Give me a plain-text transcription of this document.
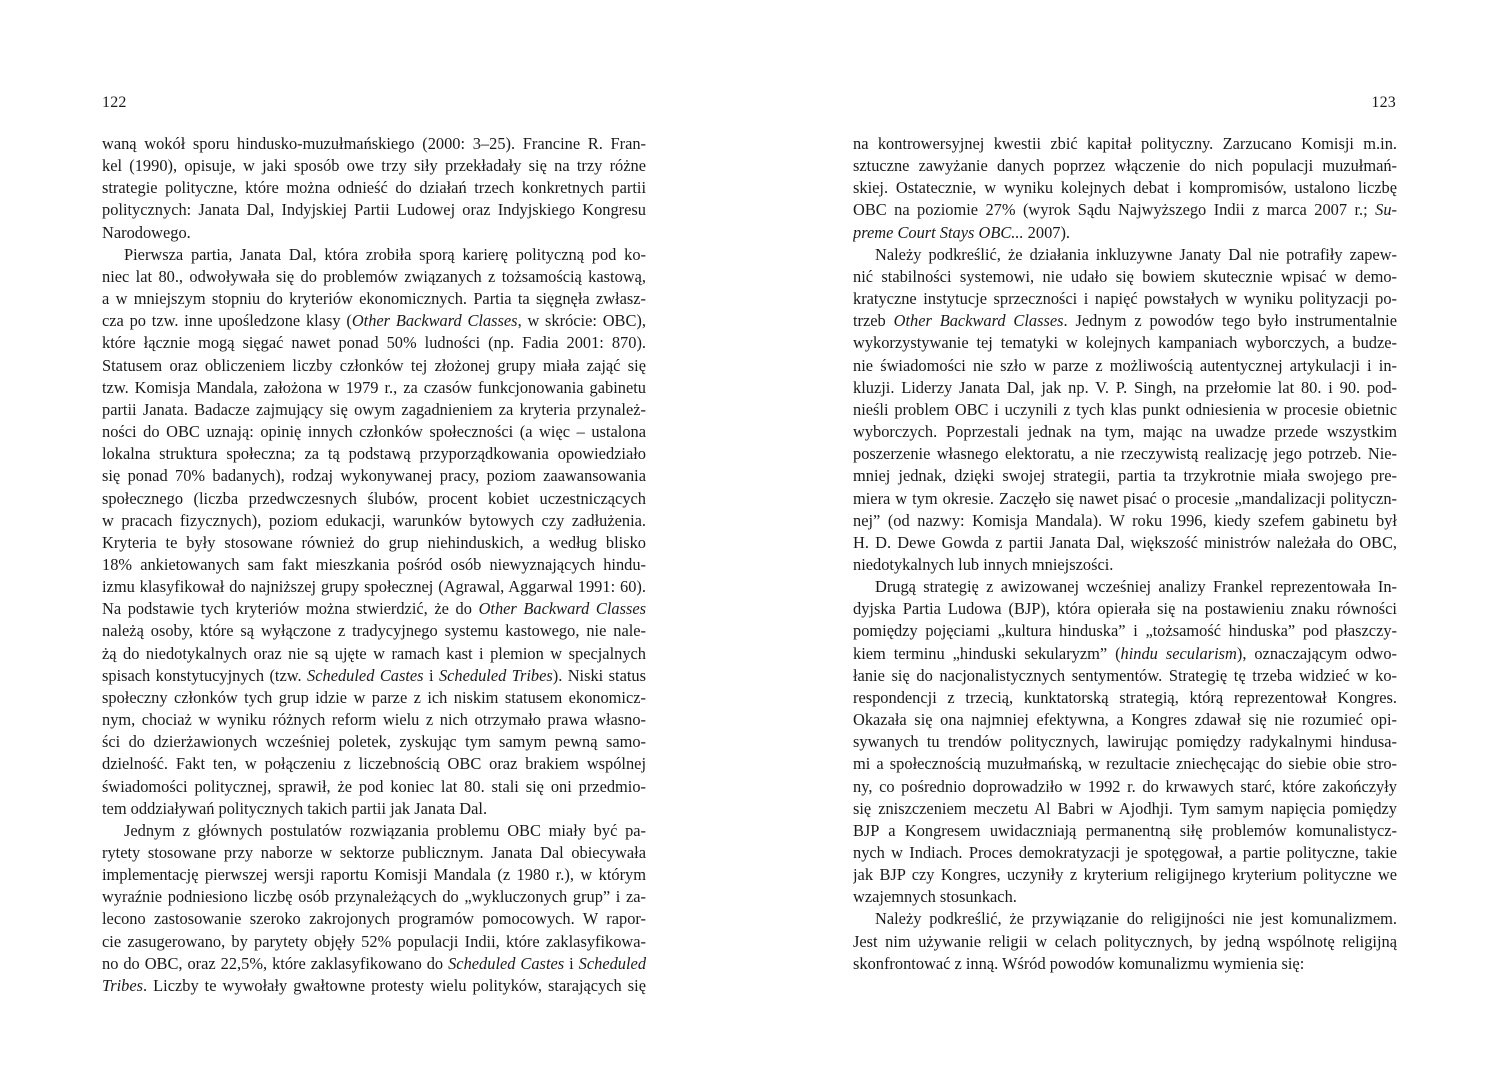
122
waną wokół sporu hindusko-muzułmańskiego (2000: 3–25). Francine R. Fran-
kel (1990), opisuje, w jaki sposób owe trzy siły przekładały się na trzy różne
strategie polityczne, które można odnieść do działań trzech konkretnych partii
politycznych: Janata Dal, Indyjskiej Partii Ludowej oraz Indyjskiego Kongresu
Narodowego.
Pierwsza partia, Janata Dal, która zrobiła sporą karierę polityczną pod ko-
niec lat 80., odwoływała się do problemów związanych z tożsamością kastową,
a w mniejszym stopniu do kryteriów ekonomicznych. Partia ta sięgnęła zwłasz-
cza po tzw. inne upośledzone klasy (Other Backward Classes, w skrócie: OBC),
które łącznie mogą sięgać nawet ponad 50% ludności (np. Fadia 2001: 870).
Statusem oraz obliczeniem liczby członków tej złożonej grupy miała zająć się
tzw. Komisja Mandala, założona w 1979 r., za czasów funkcjonowania gabinetu
partii Janata. Badacze zajmujący się owym zagadnieniem za kryteria przynależ-
ności do OBC uznają: opinię innych członków społeczności (a więc – ustalona
lokalna struktura społeczna; za tą podstawą przyporządkowania opowiedziało
się ponad 70% badanych), rodzaj wykonywanej pracy, poziom zaawansowania
społecznego (liczba przedwczesnych ślubów, procent kobiet uczestniczących
w pracach fizycznych), poziom edukacji, warunków bytowych czy zadłużenia.
Kryteria te były stosowane również do grup niehinduskich, a według blisko
18% ankietowanych sam fakt mieszkania pośród osób niewyznających hindu-
izmu klasyfikował do najniższej grupy społecznej (Agrawal, Aggarwal 1991: 60).
Na podstawie tych kryteriów można stwierdzić, że do Other Backward Classes
należą osoby, które są wyłączone z tradycyjnego systemu kastowego, nie nale-
żą do niedotykalnych oraz nie są ujęte w ramach kast i plemion w specjalnych
spisach konstytucyjnych (tzw. Scheduled Castes i Scheduled Tribes). Niski status
społeczny członków tych grup idzie w parze z ich niskim statusem ekonomicz-
nym, chociaż w wyniku różnych reform wielu z nich otrzymało prawa własno-
ści do dzierżawionych wcześniej poletek, zyskując tym samym pewną samo-
dzielność. Fakt ten, w połączeniu z liczebnością OBC oraz brakiem wspólnej
świadomości politycznej, sprawił, że pod koniec lat 80. stali się oni przedmio-
tem oddziaływań politycznych takich partii jak Janata Dal.
Jednym z głównych postulatów rozwiązania problemu OBC miały być pa-
rytety stosowane przy naborze w sektorze publicznym. Janata Dal obiecywała
implementację pierwszej wersji raportu Komisji Mandala (z 1980 r.), w którym
wyraźnie podniesiono liczbę osób przynależących do „wykluczonych grup” i za-
lecono zastosowanie szeroko zakrojonych programów pomocowych. W rapor-
cie zasugerowano, by parytety objęły 52% populacji Indii, które zaklasyfikowa-
no do OBC, oraz 22,5%, które zaklasyfikowano do Scheduled Castes i Scheduled
Tribes. Liczby te wywołały gwałtowne protesty wielu polityków, starających się
123
na kontrowersyjnej kwestii zbić kapitał polityczny. Zarzucano Komisji m.in.
sztuczne zawyżanie danych poprzez włączenie do nich populacji muzułmań-
skiej. Ostatecznie, w wyniku kolejnych debat i kompromisów, ustalono liczbę
OBC na poziomie 27% (wyrok Sądu Najwyższego Indii z marca 2007 r.; Su-
preme Court Stays OBC... 2007).
Należy podkreślić, że działania inkluzywne Janaty Dal nie potrafiły zapew-
nić stabilności systemowi, nie udało się bowiem skutecznie wpisać w demo-
kratyczne instytucje sprzeczności i napięć powstałych w wyniku polityzacji po-
trzeb Other Backward Classes. Jednym z powodów tego było instrumentalnie
wykorzystywanie tej tematyki w kolejnych kampaniach wyborczych, a budze-
nie świadomości nie szło w parze z możliwością autentycznej artykulacji i in-
kluzji. Liderzy Janata Dal, jak np. V. P. Singh, na przełomie lat 80. i 90. pod-
nieśli problem OBC i uczynili z tych klas punkt odniesienia w procesie obietnic
wyborczych. Poprzestali jednak na tym, mając na uwadze przede wszystkim
poszerzenie własnego elektoratu, a nie rzeczywistą realizację jego potrzeb. Nie-
mniej jednak, dzięki swojej strategii, partia ta trzykrotnie miała swojego pre-
miera w tym okresie. Zaczęło się nawet pisać o procesie „mandalizacji polityczn-
nej” (od nazwy: Komisja Mandala). W roku 1996, kiedy szefem gabinetu był
H. D. Dewe Gowda z partii Janata Dal, większość ministrów należała do OBC,
niedotykalnych lub innych mniejszości.
Drugą strategię z awizowanej wcześniej analizy Frankel reprezentowała In-
dyjska Partia Ludowa (BJP), która opierała się na postawieniu znaku równości
pomiędzy pojęciami „kultura hinduska” i „tożsamość hinduska” pod płaszczy-
kiem terminu „hinduski sekularyzm” (hindu secularism), oznaczającym odwo-
łanie się do nacjonalistycznych sentymentów. Strategię tę trzeba widzieć w ko-
respondencji z trzecią, kunktatorską strategią, którą reprezentował Kongres.
Okazała się ona najmniej efektywna, a Kongres zdawał się nie rozumieć opi-
sywanych tu trendów politycznych, lawirując pomiędzy radykalnymi hindusa-
mi a społecznością muzułmańską, w rezultacie zniechęcając do siebie obie stro-
ny, co pośrednio doprowadziło w 1992 r. do krwawych starć, które zakończyły
się zniszczeniem meczetu Al Babri w Ajodhji. Tym samym napięcia pomiędzy
BJP a Kongresem uwidaczniają permanentną siłę problemów komunalistycz-
nych w Indiach. Proces demokratyzacji je spotęgował, a partie polityczne, takie
jak BJP czy Kongres, uczyniły z kryterium religijnego kryterium polityczne we
wzajemnych stosunkach.
Należy podkreślić, że przywiązanie do religijności nie jest komunalizmem.
Jest nim używanie religii w celach politycznych, by jedną wspólnotę religijną
skonfrontować z inną. Wśród powodów komunalizmu wymienia się:
